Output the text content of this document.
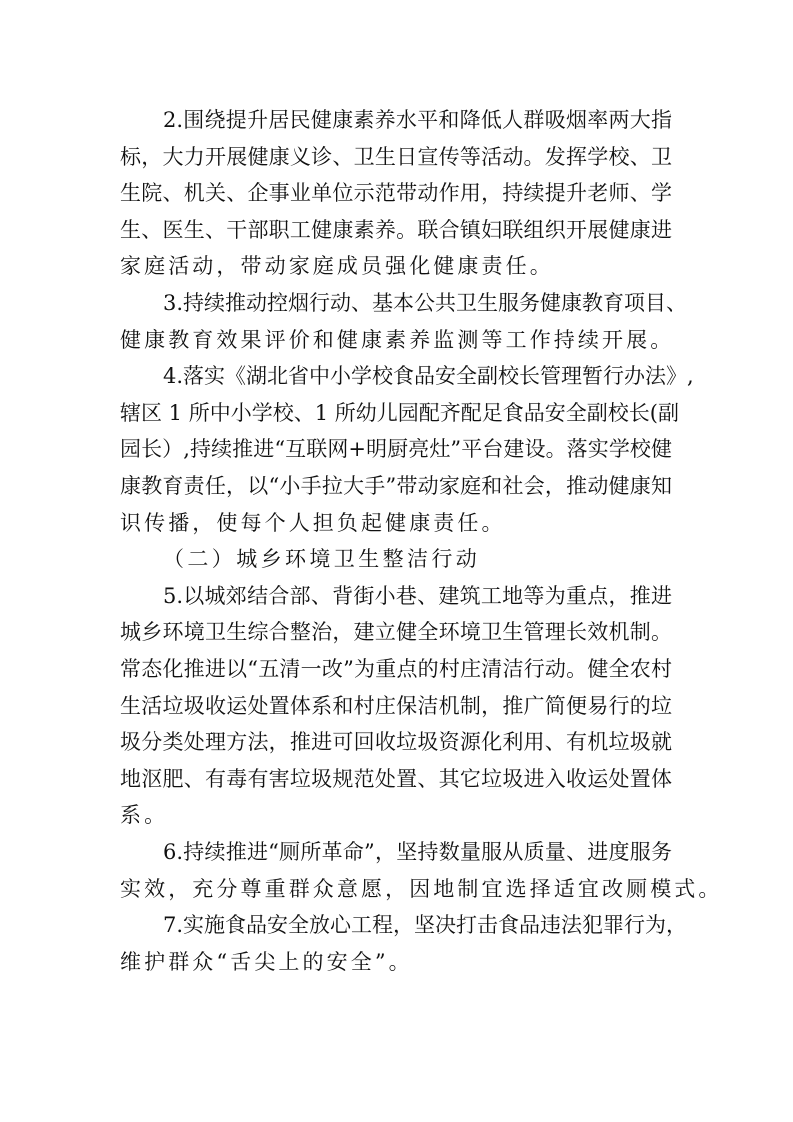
2.围绕提升居民健康素养水平和降低人群吸烟率两大指
标，大力开展健康义诊、卫生日宣传等活动。发挥学校、卫
生院、机关、企事业单位示范带动作用，持续提升老师、学
生、医生、干部职工健康素养。联合镇妇联组织开展健康进
家庭活动，带动家庭成员强化健康责任。
3.持续推动控烟行动、基本公共卫生服务健康教育项目、
健康教育效果评价和健康素养监测等工作持续开展。
4.落实《湖北省中小学校食品安全副校长管理暂行办法》,
辖区 1 所中小学校、1 所幼儿园配齐配足食品安全副校长(副
园长）,持续推进“互联网+明厨亮灶”平台建设。落实学校健
康教育责任，以“小手拉大手”带动家庭和社会，推动健康知
识传播，使每个人担负起健康责任。
（二）城乡环境卫生整洁行动
5.以城郊结合部、背街小巷、建筑工地等为重点，推进
城乡环境卫生综合整治，建立健全环境卫生管理长效机制。
常态化推进以“五清一改”为重点的村庄清洁行动。健全农村
生活垃圾收运处置体系和村庄保洁机制，推广简便易行的垃
圾分类处理方法，推进可回收垃圾资源化利用、有机垃圾就
地沤肥、有毒有害垃圾规范处置、其它垃圾进入收运处置体
系。
6.持续推进“厕所革命”，坚持数量服从质量、进度服务
实效，充分尊重群众意愿，因地制宜选择适宜改厕模式。
7.实施食品安全放心工程，坚决打击食品违法犯罪行为，
维护群众“舌尖上的安全”。
